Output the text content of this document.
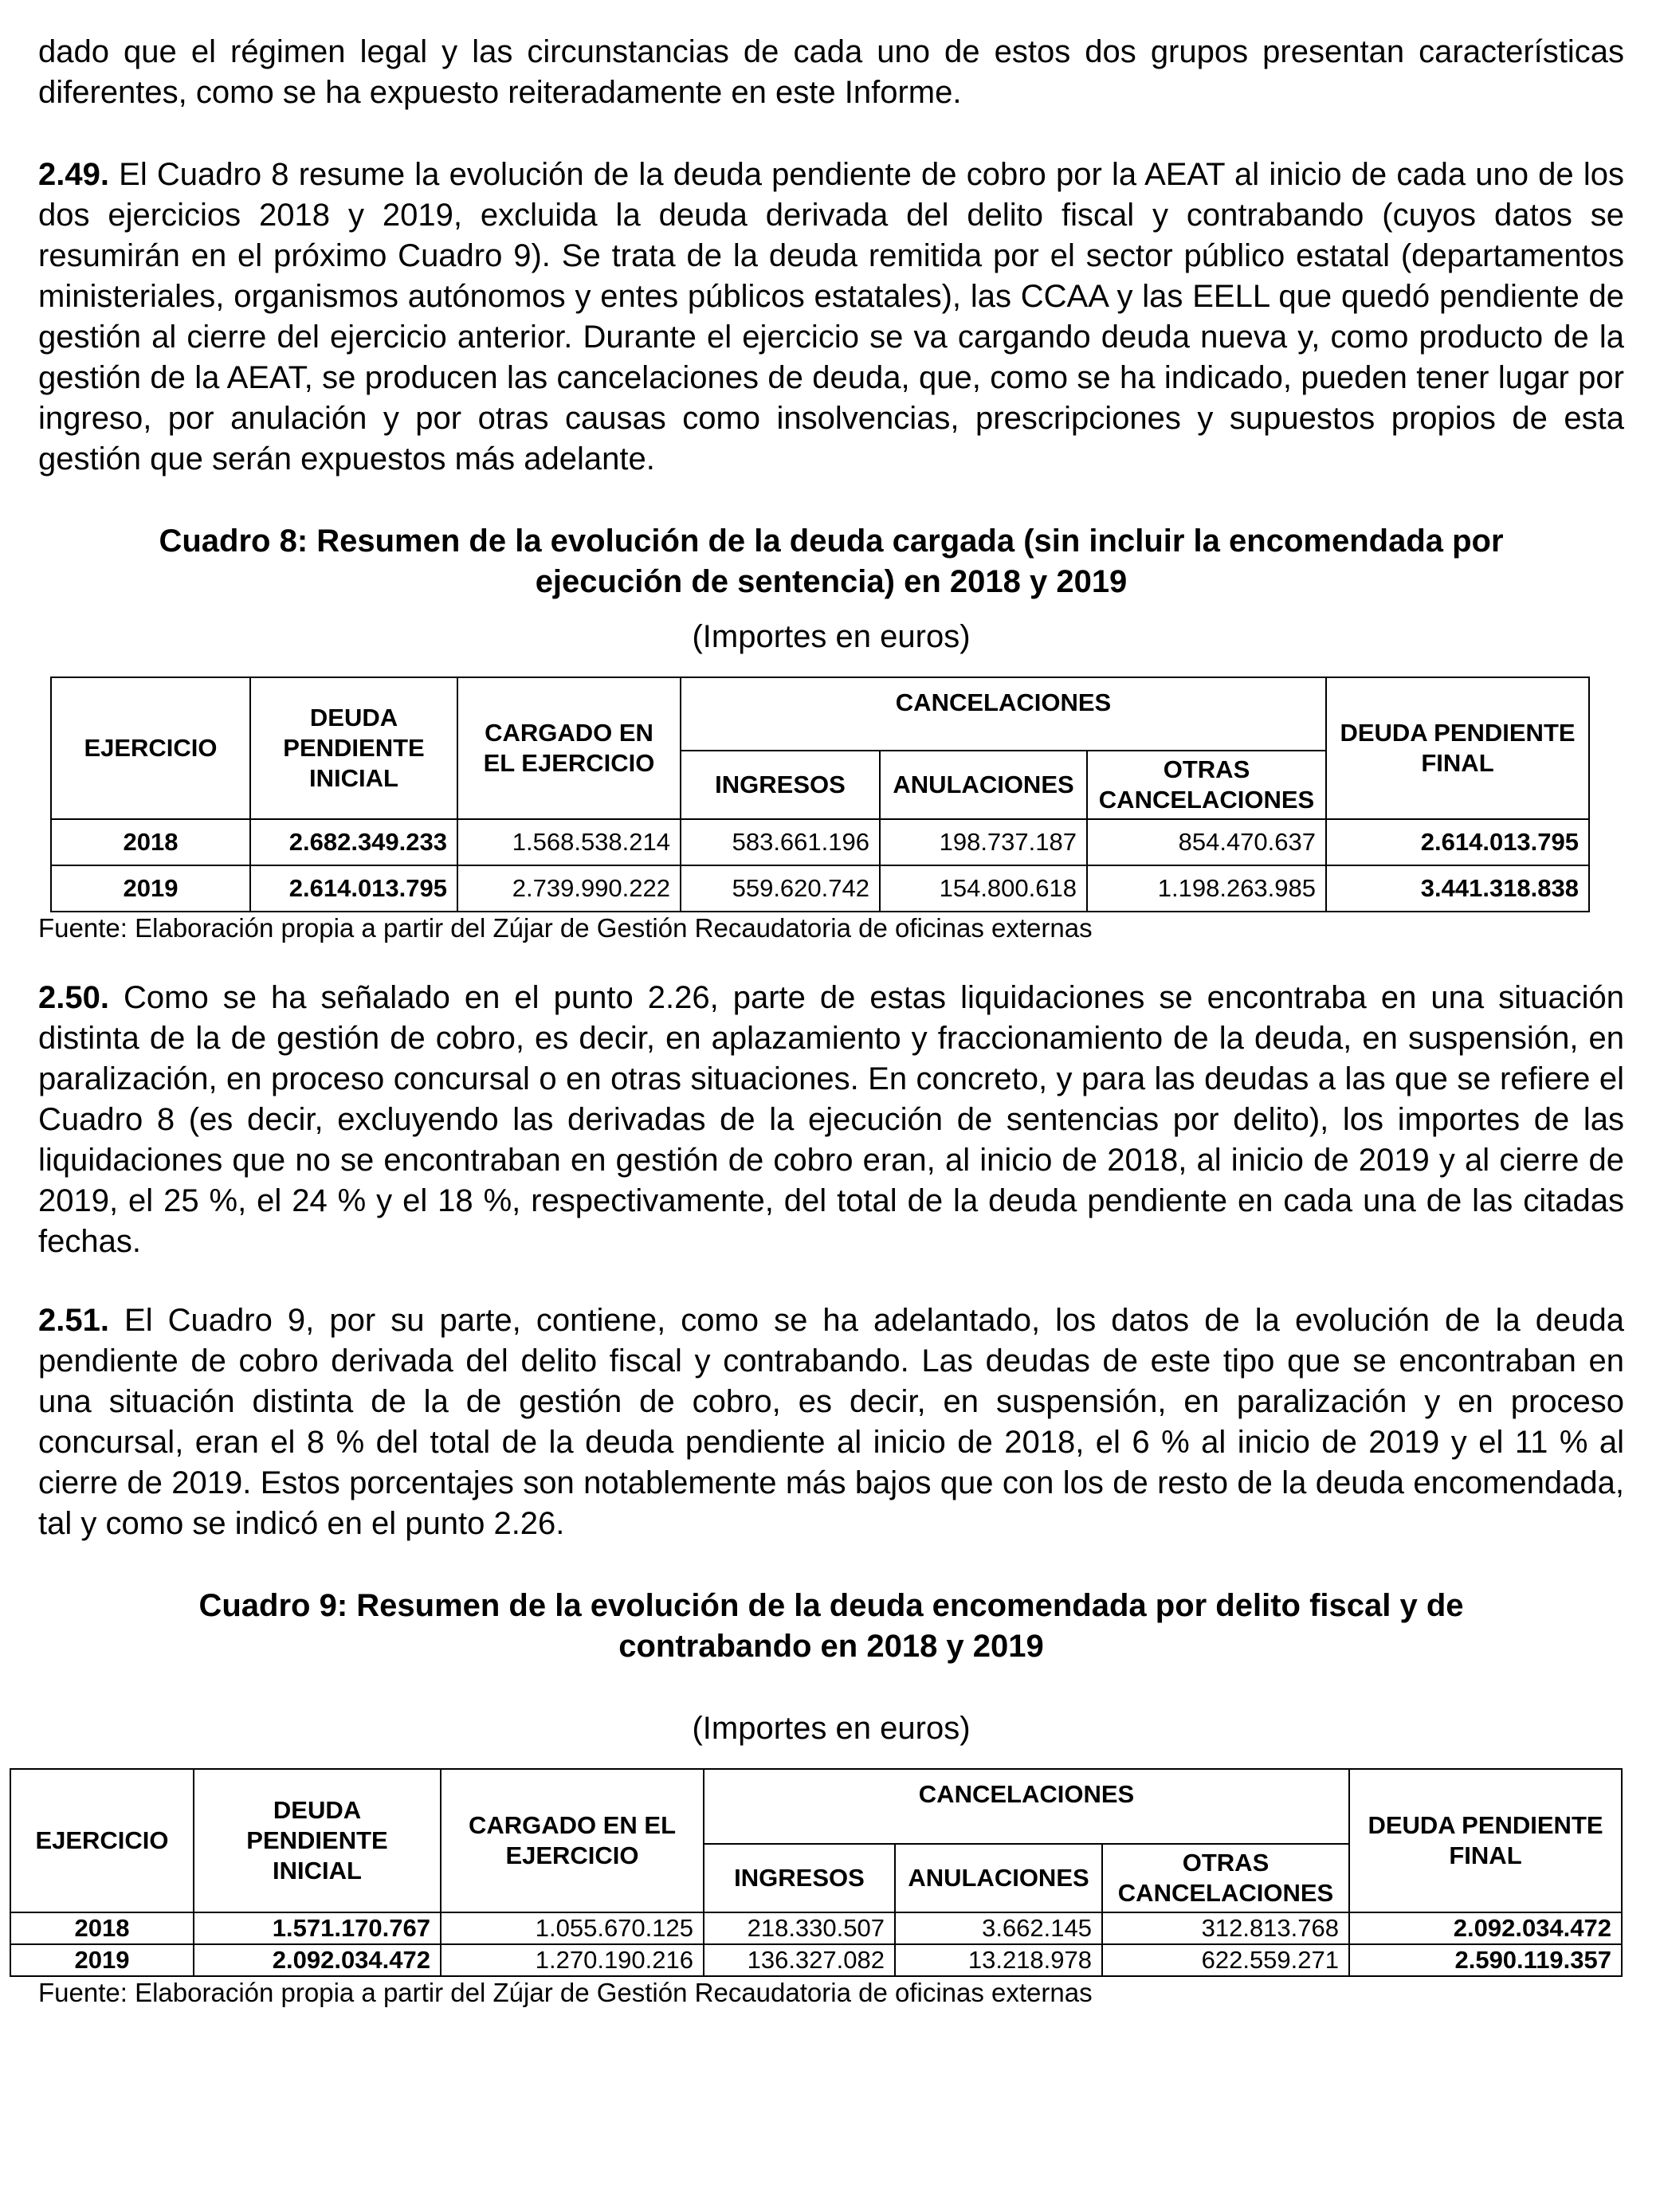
dado que el régimen legal y las circunstancias de cada uno de estos dos grupos presentan características diferentes, como se ha expuesto reiteradamente en este Informe.

2.49. El Cuadro 8 resume la evolución de la deuda pendiente de cobro por la AEAT al inicio de cada uno de los dos ejercicios 2018 y 2019, excluida la deuda derivada del delito fiscal y contrabando (cuyos datos se resumirán en el próximo Cuadro 9). Se trata de la deuda remitida por el sector público estatal (departamentos ministeriales, organismos autónomos y entes públicos estatales), las CCAA y las EELL que quedó pendiente de gestión al cierre del ejercicio anterior. Durante el ejercicio se va cargando deuda nueva y, como producto de la gestión de la AEAT, se producen las cancelaciones de deuda, que, como se ha indicado, pueden tener lugar por ingreso, por anulación y por otras causas como insolvencias, prescripciones y supuestos propios de esta gestión que serán expuestos más adelante.

Cuadro 8: Resumen de la evolución de la deuda cargada (sin incluir la encomendada por

ejecución de sentencia) en 2018 y 2019

(Importes en euros)

EJERCICIO	DEUDA PENDIENTE INICIAL	CARGADO EN EL EJERCICIO	CANCELACIONES			DEUDA PENDIENTE FINAL
			INGRESOS	ANULACIONES	OTRAS CANCELACIONES	
2018	2.682.349.233	1.568.538.214	583.661.196	198.737.187	854.470.637	2.614.013.795
2019	2.614.013.795	2.739.990.222	559.620.742	154.800.618	1.198.263.985	3.441.318.838

Fuente: Elaboración propia a partir del Zújar de Gestión Recaudatoria de oficinas externas

2.50. Como se ha señalado en el punto 2.26, parte de estas liquidaciones se encontraba en una situación distinta de la de gestión de cobro, es decir, en aplazamiento y fraccionamiento de la deuda, en suspensión, en paralización, en proceso concursal o en otras situaciones. En concreto, y para las deudas a las que se refiere el Cuadro 8 (es decir, excluyendo las derivadas de la ejecución de sentencias por delito), los importes de las liquidaciones que no se encontraban en gestión de cobro eran, al inicio de 2018, al inicio de 2019 y al cierre de 2019, el 25 %, el 24 % y el 18 %, respectivamente, del total de la deuda pendiente en cada una de las citadas fechas.

2.51. El Cuadro 9, por su parte, contiene, como se ha adelantado, los datos de la evolución de la deuda pendiente de cobro derivada del delito fiscal y contrabando. Las deudas de este tipo que se encontraban en una situación distinta de la de gestión de cobro, es decir, en suspensión, en paralización y en proceso concursal, eran el 8 % del total de la deuda pendiente al inicio de 2018, el 6 % al inicio de 2019 y el 11 % al cierre de 2019. Estos porcentajes son notablemente más bajos que con los de resto de la deuda encomendada, tal y como se indicó en el punto 2.26.

Cuadro 9: Resumen de la evolución de la deuda encomendada por delito fiscal y de

contrabando en 2018 y 2019

(Importes en euros)

EJERCICIO	DEUDA PENDIENTE INICIAL	CARGADO EN EL EJERCICIO	CANCELACIONES			DEUDA PENDIENTE FINAL
			INGRESOS	ANULACIONES	OTRAS CANCELACIONES	
2018	1.571.170.767	1.055.670.125	218.330.507	3.662.145	312.813.768	2.092.034.472
2019	2.092.034.472	1.270.190.216	136.327.082	13.218.978	622.559.271	2.590.119.357

Fuente: Elaboración propia a partir del Zújar de Gestión Recaudatoria de oficinas externas
